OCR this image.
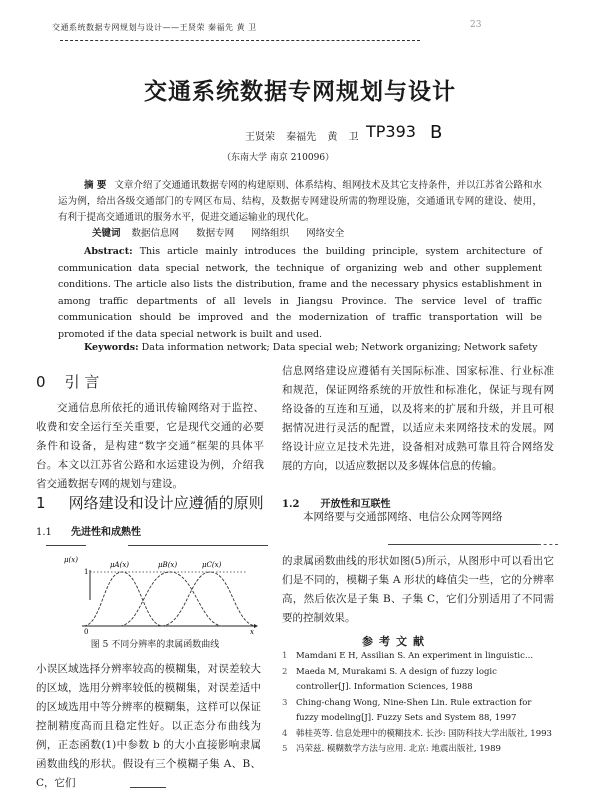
交通系统数据专网规划与设计——王贤荣 秦福先 黄 卫	23
交通系统数据专网规划与设计
王贤荣 秦福先 黄 卫 TP393 B
（东南大学 南京 210096）
摘 要 文章介绍了交通通讯数据专网的构建原则、体系结构、组网技术及其它支持条件，并以江苏省公路和水运为例，给出各级交通部门的专网区布局、结构，及数据专网建设所需的物理设施，交通通讯专网的建设、使用，有利于提高交通通讯的服务水平，促进交通运输业的现代化。
关键词 数据信息网 数据专网 网络组织 网络安全
Abstract: This article mainly introduces the building principle, system architecture of communication data special network, the technique of organizing web and other supplement conditions. The article also lists the distribution, frame and the necessary physics establishment in among traffic departments of all levels in Jiangsu Province. The service level of traffic communication should be improved and the modernization of traffic transportation will be promoted if the data special network is built and used.
Keywords: Data information network; Data special web; Network organizing; Network safety
0 引 言
交通信息所依托的通讯传输网络对于监控、收费和安全运行至关重要，它是现代交通的必要条件和设备，是构建“数字交通”框架的具体平台。本文以江苏省公路和水运建设为例，介绍我省交通数据专网的规划与建设。
1 网络建设和设计应遵循的原则
1.1 先进性和成熟性
μ(x)
1
0	x
μA(x)	μB(x)	μC(x)
图 5 不同分辨率的隶属函数曲线
小误区域选择分辨率较高的模糊集，对误差较大的区域，选用分辨率较低的模糊集，对误差适中的区域选用中等分辨率的模糊集，这样可以保证控制精度高而且稳定性好。以正态分布曲线为例，正态函数(1)中参数 b 的大小直接影响隶属函数曲线的形状。假设有三个模糊子集 A、B、C，它们
信息网络建设应遵循有关国际标准、国家标准、行业标准和规范，保证网络系统的开放性和标准化，保证与现有网络设备的互连和互通，以及将来的扩展和升级，并且可根据情况进行灵活的配置，以适应未来网络技术的发展。网络设计应立足技术先进，设备相对成熟可靠且符合网络发展的方向，以适应数据以及多媒体信息的传输。
1.2 开放性和互联性
本网络要与交通部网络、电信公众网等网络
的隶属函数曲线的形状如图(5)所示，从图形中可以看出它们是不同的，模糊子集 A 形状的峰值尖一些，它的分辨率高，然后依次是子集 B、子集 C，它们分别适用了不同需要的控制效果。
参考文献
1	Mamdani E H, Assilian S. An experiment in linguistic...
2	Maeda M, Murakami S. A design of fuzzy logic controller[J]. Information Sciences, 1988
3	Ching-chang Wong, Nine-Shen Lin. Rule extraction for fuzzy modeling[J]. Fuzzy Sets and System 88, 1997
4	韩桂英等. 信息处理中的模糊技术. 长沙: 国防科技大学出版社, 1993
5	冯荣兹. 模糊数学方法与应用. 北京: 地震出版社, 1989
